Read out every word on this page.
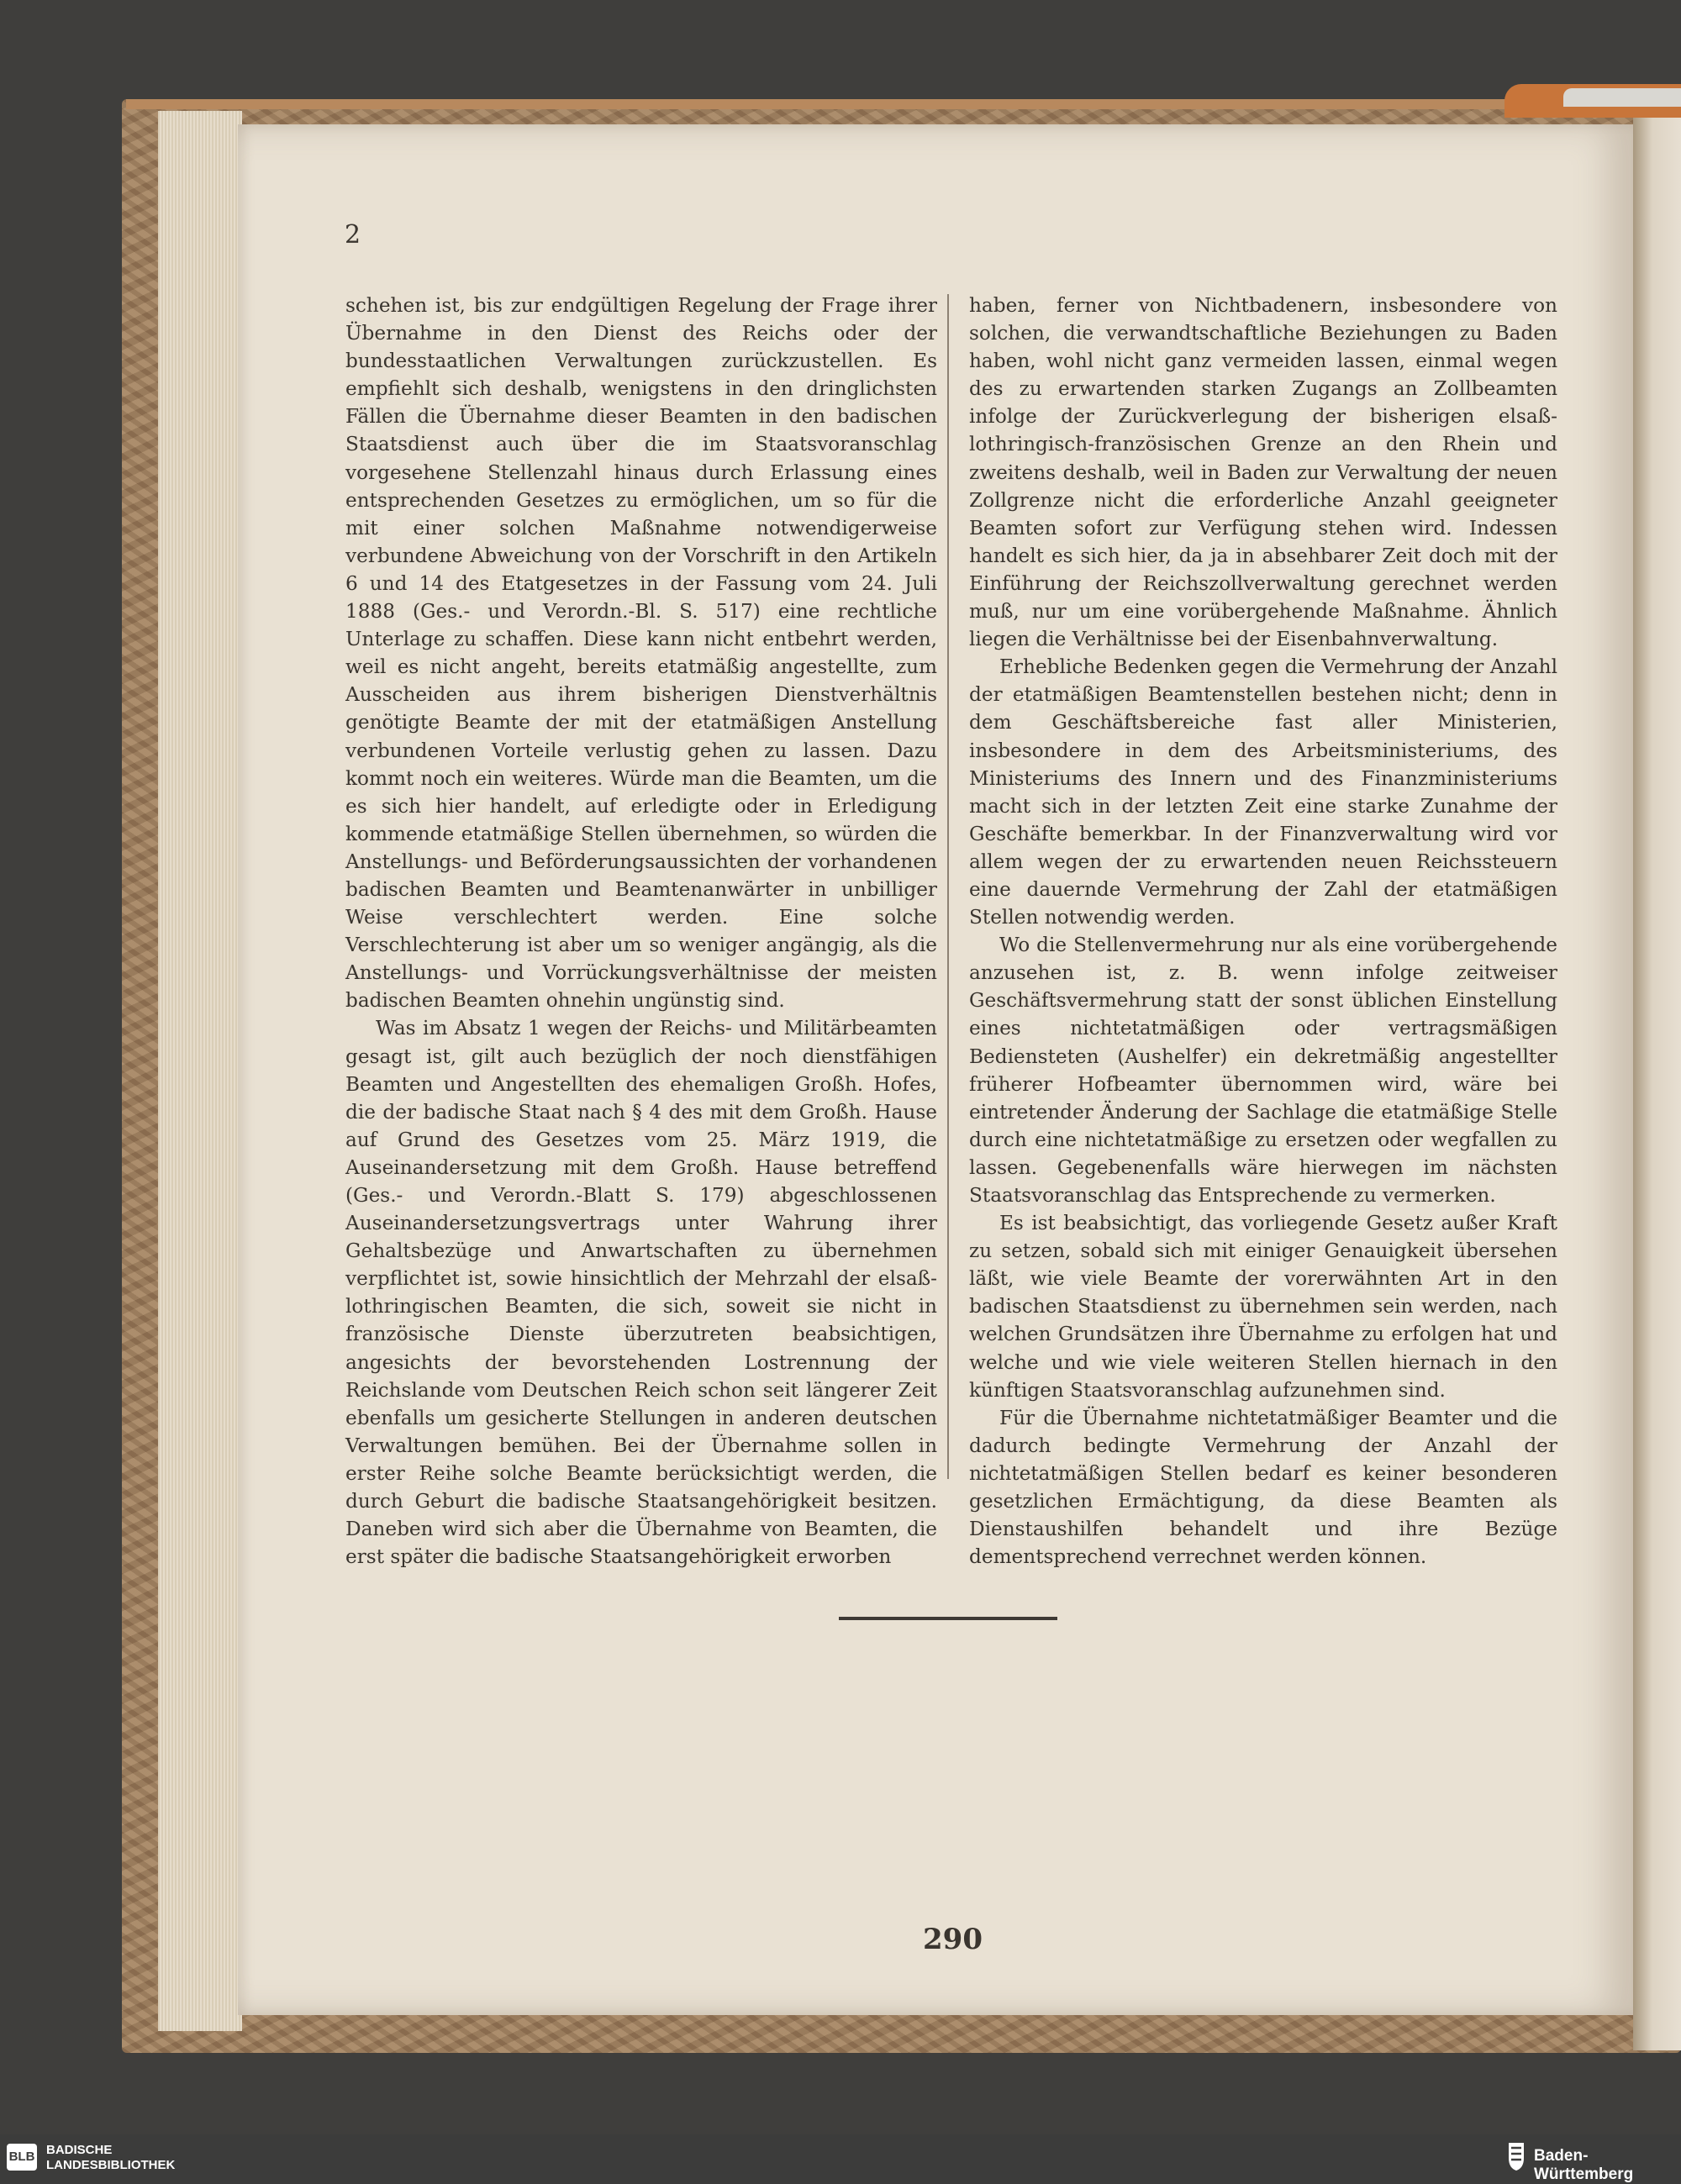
2

schehen ist, bis zur endgültigen Regelung der Frage ihrer Übernahme in den Dienst des Reichs oder der bundesstaatlichen Verwaltungen zurückzustellen. Es empfiehlt sich deshalb, wenigstens in den dringlichsten Fällen die Übernahme dieser Beamten in den badischen Staatsdienst auch über die im Staatsvoranschlag vorgesehene Stellenzahl hinaus durch Erlassung eines entsprechenden Gesetzes zu ermöglichen, um so für die mit einer solchen Maßnahme notwendigerweise verbundene Abweichung von der Vorschrift in den Artikeln 6 und 14 des Etatgesetzes in der Fassung vom 24. Juli 1888 (Ges.- und Verordn.-Bl. S. 517) eine rechtliche Unterlage zu schaffen. Diese kann nicht entbehrt werden, weil es nicht angeht, bereits etatmäßig angestellte, zum Ausscheiden aus ihrem bisherigen Dienstverhältnis genötigte Beamte der mit der etatmäßigen Anstellung verbundenen Vorteile verlustig gehen zu lassen. Dazu kommt noch ein weiteres. Würde man die Beamten, um die es sich hier handelt, auf erledigte oder in Erledigung kommende etatmäßige Stellen übernehmen, so würden die Anstellungs- und Beförderungsaussichten der vorhandenen badischen Beamten und Beamtenanwärter in unbilliger Weise verschlechtert werden. Eine solche Verschlechterung ist aber um so weniger angängig, als die Anstellungs- und Vorrückungsverhältnisse der meisten badischen Beamten ohnehin ungünstig sind.

Was im Absatz 1 wegen der Reichs- und Militärbeamten gesagt ist, gilt auch bezüglich der noch dienstfähigen Beamten und Angestellten des ehemaligen Großh. Hofes, die der badische Staat nach § 4 des mit dem Großh. Hause auf Grund des Gesetzes vom 25. März 1919, die Auseinandersetzung mit dem Großh. Hause betreffend (Ges.- und Verordn.-Blatt S. 179) abgeschlossenen Auseinandersetzungsvertrags unter Wahrung ihrer Gehaltsbezüge und Anwartschaften zu übernehmen verpflichtet ist, sowie hinsichtlich der Mehrzahl der elsaß-lothringischen Beamten, die sich, soweit sie nicht in französische Dienste überzutreten beabsichtigen, angesichts der bevorstehenden Lostrennung der Reichslande vom Deutschen Reich schon seit längerer Zeit ebenfalls um gesicherte Stellungen in anderen deutschen Verwaltungen bemühen. Bei der Übernahme sollen in erster Reihe solche Beamte berücksichtigt werden, die durch Geburt die badische Staatsangehörigkeit besitzen. Daneben wird sich aber die Übernahme von Beamten, die erst später die badische Staatsangehörigkeit erworben

haben, ferner von Nichtbadenern, insbesondere von solchen, die verwandtschaftliche Beziehungen zu Baden haben, wohl nicht ganz vermeiden lassen, einmal wegen des zu erwartenden starken Zugangs an Zollbeamten infolge der Zurückverlegung der bisherigen elsaß-lothringisch-französischen Grenze an den Rhein und zweitens deshalb, weil in Baden zur Verwaltung der neuen Zollgrenze nicht die erforderliche Anzahl geeigneter Beamten sofort zur Verfügung stehen wird. Indessen handelt es sich hier, da ja in absehbarer Zeit doch mit der Einführung der Reichszollverwaltung gerechnet werden muß, nur um eine vorübergehende Maßnahme. Ähnlich liegen die Verhältnisse bei der Eisenbahnverwaltung.

Erhebliche Bedenken gegen die Vermehrung der Anzahl der etatmäßigen Beamtenstellen bestehen nicht; denn in dem Geschäftsbereiche fast aller Ministerien, insbesondere in dem des Arbeitsministeriums, des Ministeriums des Innern und des Finanzministeriums macht sich in der letzten Zeit eine starke Zunahme der Geschäfte bemerkbar. In der Finanzverwaltung wird vor allem wegen der zu erwartenden neuen Reichssteuern eine dauernde Vermehrung der Zahl der etatmäßigen Stellen notwendig werden.

Wo die Stellenvermehrung nur als eine vorübergehende anzusehen ist, z. B. wenn infolge zeitweiser Geschäftsvermehrung statt der sonst üblichen Einstellung eines nichtetatmäßigen oder vertragsmäßigen Bediensteten (Aushelfer) ein dekretmäßig angestellter früherer Hofbeamter übernommen wird, wäre bei eintretender Änderung der Sachlage die etatmäßige Stelle durch eine nichtetatmäßige zu ersetzen oder wegfallen zu lassen. Gegebenenfalls wäre hierwegen im nächsten Staatsvoranschlag das Entsprechende zu vermerken.

Es ist beabsichtigt, das vorliegende Gesetz außer Kraft zu setzen, sobald sich mit einiger Genauigkeit übersehen läßt, wie viele Beamte der vorerwähnten Art in den badischen Staatsdienst zu übernehmen sein werden, nach welchen Grundsätzen ihre Übernahme zu erfolgen hat und welche und wie viele weiteren Stellen hiernach in den künftigen Staatsvoranschlag aufzunehmen sind.

Für die Übernahme nichtetatmäßiger Beamter und die dadurch bedingte Vermehrung der Anzahl der nichtetatmäßigen Stellen bedarf es keiner besonderen gesetzlichen Ermächtigung, da diese Beamten als Dienstaushilfen behandelt und ihre Bezüge dementsprechend verrechnet werden können.

290
BLB BADISCHE
LANDESBIBLIOTHEK
Baden-Württemberg
